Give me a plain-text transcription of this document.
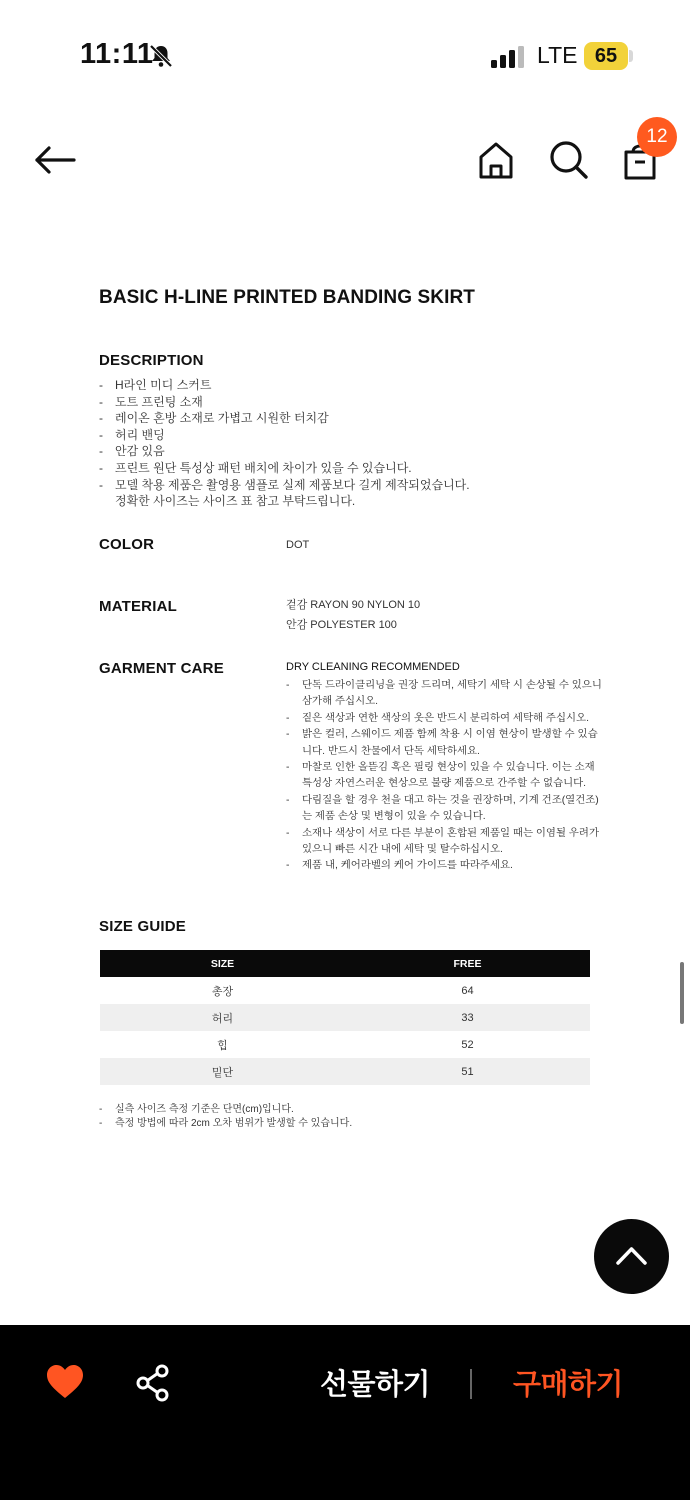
11:11	LTE 65
12
BASIC H-LINE PRINTED BANDING SKIRT
DESCRIPTION
- H라인 미디 스커트
- 도트 프린팅 소재
- 레이온 혼방 소재로 가볍고 시원한 터치감
- 허리 밴딩
- 안감 있음
- 프린트 원단 특성상 패턴 배치에 차이가 있을 수 있습니다.
- 모델 착용 제품은 촬영용 샘플로 실제 제품보다 길게 제작되었습니다.
정확한 사이즈는 사이즈 표 참고 부탁드립니다.
COLOR	DOT
MATERIAL	겉감 RAYON 90 NYLON 10
안감 POLYESTER 100
GARMENT CARE	DRY CLEANING RECOMMENDED
- 단독 드라이클리닝을 권장 드리며, 세탁기 세탁 시 손상될 수 있으니 삼가해 주십시오.
- 짙은 색상과 연한 색상의 옷은 반드시 분리하여 세탁해 주십시오.
- 밝은 컬러, 스웨이드 제품 함께 착용 시 이염 현상이 발생할 수 있습니다. 반드시 찬물에서 단독 세탁하세요.
- 마찰로 인한 올뜯김 혹은 필링 현상이 있을 수 있습니다. 이는 소재 특성상 자연스러운 현상으로 불량 제품으로 간주할 수 없습니다.
- 다림질을 할 경우 천을 대고 하는 것을 권장하며, 기계 건조(열건조)는 제품 손상 및 변형이 있을 수 있습니다.
- 소재나 색상이 서로 다른 부분이 혼합된 제품일 때는 이염될 우려가 있으니 빠른 시간 내에 세탁 및 탈수하십시오.
- 제품 내, 케어라벨의 케어 가이드를 따라주세요.
SIZE GUIDE
SIZE	FREE
총장	64
허리	33
힙	52
밑단	51
- 실측 사이즈 측정 기준은 단면(cm)입니다.
- 측정 방법에 따라 2cm 오차 범위가 발생할 수 있습니다.
선물하기	구매하기
